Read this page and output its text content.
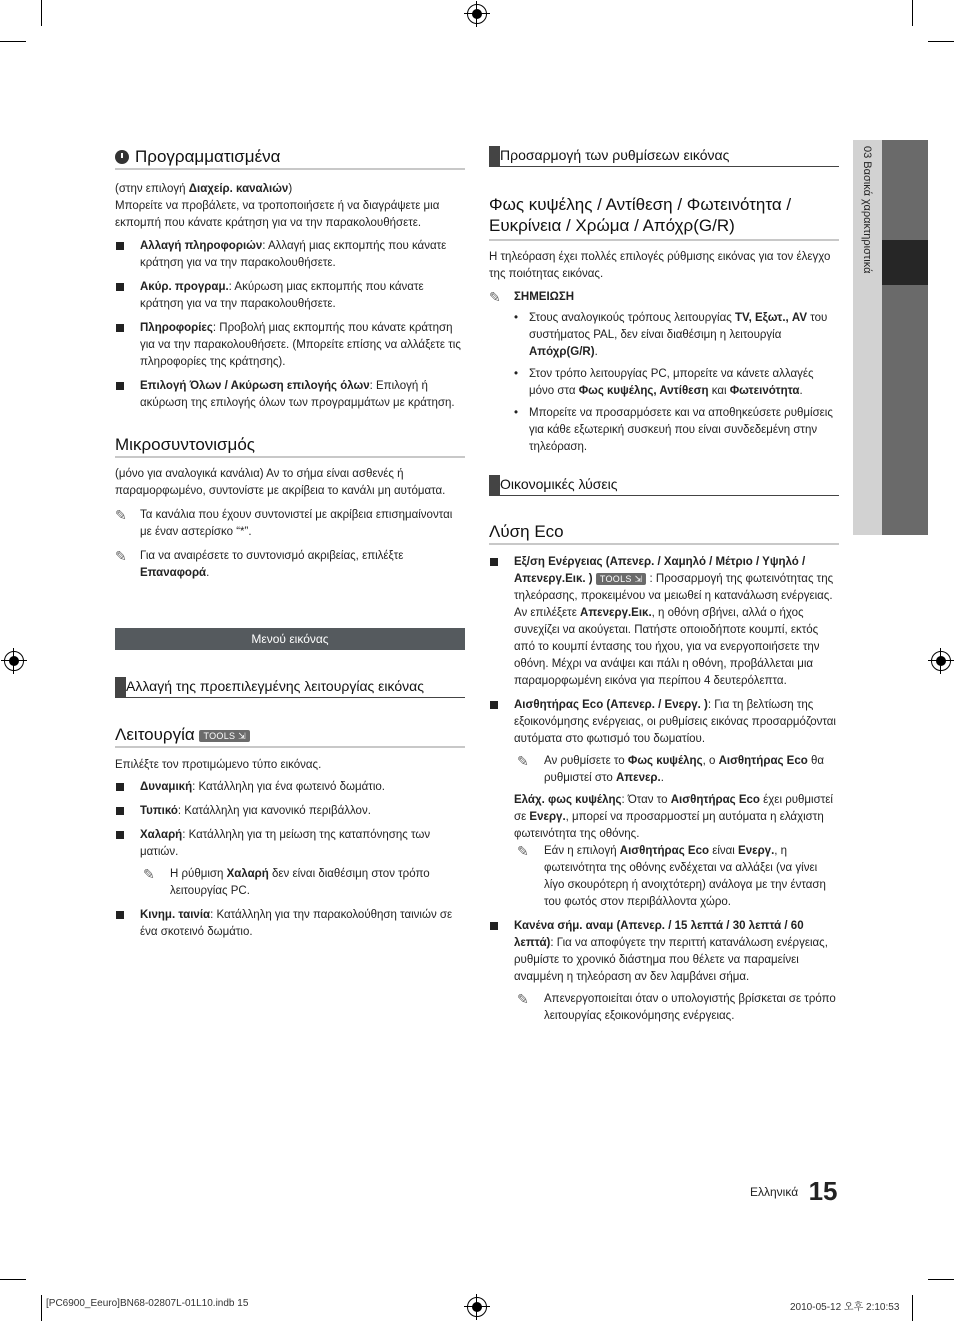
03 Βασικά χαρακτηριστικά
Προγραμματισμένα

(στην επιλογή Διαχείρ. καναλιών)

Μπορείτε να προβάλετε, να τροποποιήσετε ή να διαγράψετε μια εκπομπή που κάνατε κράτηση για να την παρακολουθήσετε.

Αλλαγή πληροφοριών: Αλλαγή μιας εκπομπής που κάνατε κράτηση για να την παρακολουθήσετε.

Ακύρ. προγραμ.: Ακύρωση μιας εκπομπής που κάνατε κράτηση για να την παρακολουθήσετε.

Πληροφορίες: Προβολή μιας εκπομπής που κάνατε κράτηση για να την παρακολουθήσετε. (Μπορείτε επίσης να αλλάξετε τις πληροφορίες της κράτησης).

Επιλογή Όλων / Ακύρωση επιλογής όλων: Επιλογή ή ακύρωση της επιλογής όλων των προγραμμάτων με κράτηση.

Μικροσυντονισμός

(μόνο για αναλογικά κανάλια) Αν το σήμα είναι ασθενές ή παραμορφωμένο, συντονίστε με ακρίβεια το κανάλι μη αυτόματα.

✎ Τα κανάλια που έχουν συντονιστεί με ακρίβεια επισημαίνονται με έναν αστερίσκο “*”.

✎ Για να αναιρέσετε το συντονισμό ακριβείας, επιλέξτε Επαναφορά.

Μενού εικόνας
Αλλαγή της προεπιλεγμένης λειτουργίας εικόνας
Λειτουργία TOOLS ⇲

Επιλέξτε τον προτιμώμενο τύπο εικόνας.

Δυναμική: Κατάλληλη για ένα φωτεινό δωμάτιο.

Τυπικό: Κατάλληλη για κανονικό περιβάλλον.

Χαλαρή: Κατάλληλη για τη μείωση της καταπόνησης των ματιών.

✎ Η ρύθμιση Χαλαρή δεν είναι διαθέσιμη στον τρόπο λειτουργίας PC.

Κινημ. ταινία: Κατάλληλη για την παρακολούθηση ταινιών σε ένα σκοτεινό δωμάτιο.

Προσαρμογή των ρυθμίσεων εικόνας
Φως κυψέλης / Αντίθεση / Φωτεινότητα / Ευκρίνεια / Χρώμα / Απόχρ(G/R)

Η τηλεόραση έχει πολλές επιλογές ρύθμισης εικόνας για τον έλεγχο της ποιότητας εικόνας.

✎ ΣΗΜΕΙΩΣΗ

• Στους αναλογικούς τρόπους λειτουργίας TV, Εξωτ., AV του συστήματος PAL, δεν είναι διαθέσιμη η λειτουργία Απόχρ(G/R).

• Στον τρόπο λειτουργίας PC, μπορείτε να κάνετε αλλαγές μόνο στα Φως κυψέλης, Αντίθεση και Φωτεινότητα.

• Μπορείτε να προσαρμόσετε και να αποθηκεύσετε ρυθμίσεις για κάθε εξωτερική συσκευή που είναι συνδεδεμένη στην τηλεόραση.

Οικονομικές λύσεις
Λύση Eco

Εξ/ση Ενέργειας (Απενερ. / Χαμηλό / Μέτριο / Υψηλό / Απενεργ.Εικ. ) TOOLS ⇲ : Προσαρμογή της φωτεινότητας της τηλεόρασης, προκειμένου να μειωθεί η κατανάλωση ενέργειας. Αν επιλέξετε Απενεργ.Εικ., η οθόνη σβήνει, αλλά ο ήχος συνεχίζει να ακούγεται. Πατήστε οποιοδήποτε κουμπί, εκτός από το κουμπί έντασης του ήχου, για να ενεργοποιήσετε την οθόνη. Μέχρι να ανάψει και πάλι η οθόνη, προβάλλεται μια παραμορφωμένη εικόνα για περίπου 4 δευτερόλεπτα.

Αισθητήρας Eco (Απενερ. / Ενεργ. ): Για τη βελτίωση της εξοικονόμησης ενέργειας, οι ρυθμίσεις εικόνας προσαρμόζονται αυτόματα στο φωτισμό του δωματίου.

✎ Αν ρυθμίσετε το Φως κυψέλης, ο Αισθητήρας Eco θα ρυθμιστεί στο Απενερ..

Ελάχ. φως κυψέλης: Όταν το Αισθητήρας Eco έχει ρυθμιστεί σε Ενεργ., μπορεί να προσαρμοστεί μη αυτόματα η ελάχιστη φωτεινότητα της οθόνης.

✎ Εάν η επιλογή Αισθητήρας Eco είναι Ενεργ., η φωτεινότητα της οθόνης ενδέχεται να αλλάξει (να γίνει λίγο σκουρότερη ή ανοιχτότερη) ανάλογα με την ένταση του φωτός στον περιβάλλοντα χώρο.

Κανένα σήμ. αναμ (Απενερ. / 15 λεπτά / 30 λεπτά / 60 λεπτά): Για να αποφύγετε την περιττή κατανάλωση ενέργειας, ρυθμίστε το χρονικό διάστημα που θέλετε να παραμείνει αναμμένη η τηλεόραση αν δεν λαμβάνει σήμα.

✎ Απενεργοποιείται όταν ο υπολογιστής βρίσκεται σε τρόπο λειτουργίας εξοικονόμησης ενέργειας.

$^{E\lambda\lambda\eta\nu\iota\kappa ά}$ 15
[PC6900_Eeuro]BN68-02807L-01L10.indb 15	2010-05-12 오후 2:10:53
